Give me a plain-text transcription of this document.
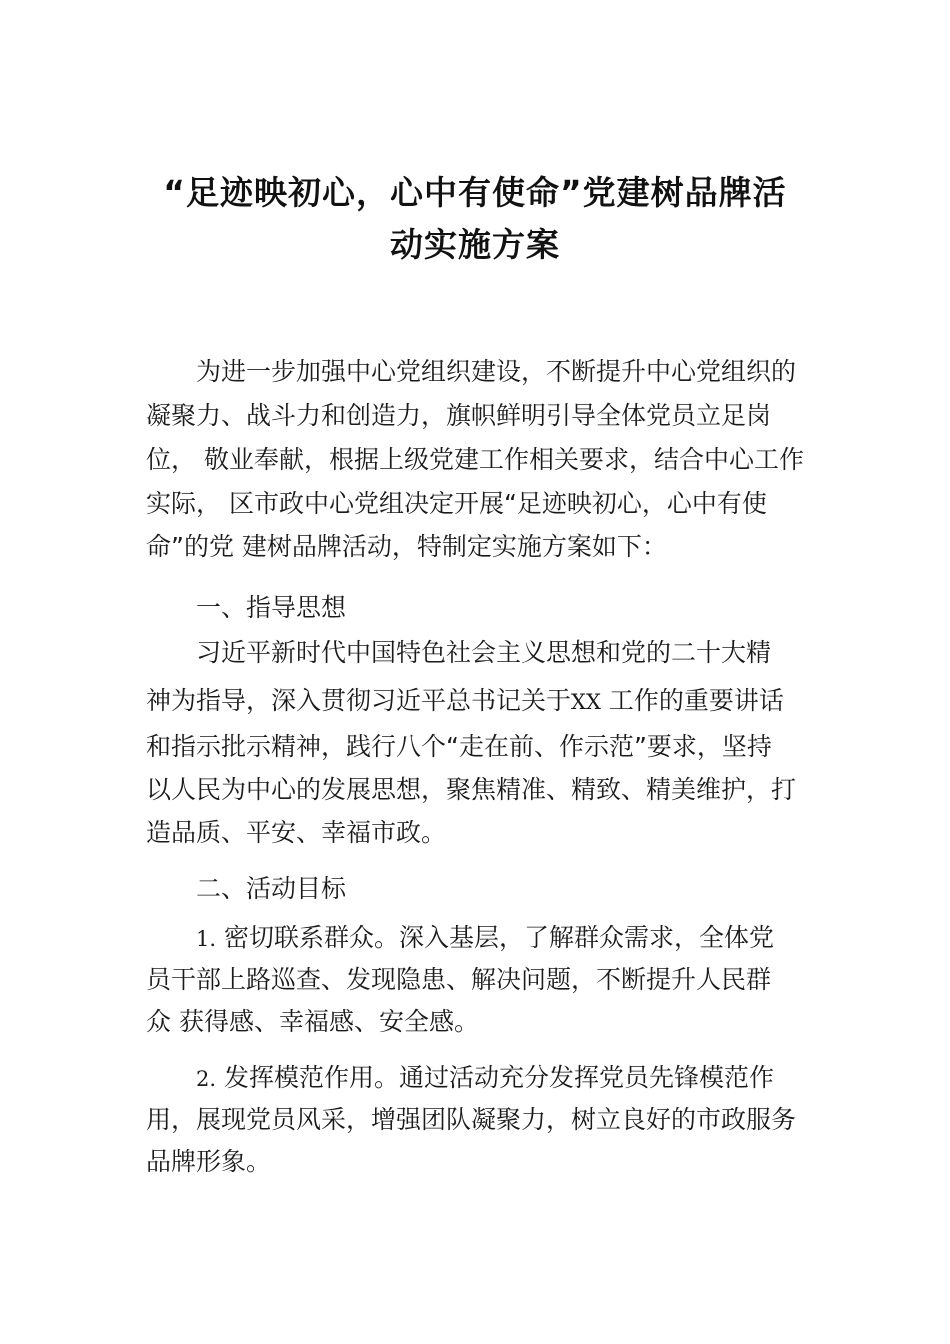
“足迹映初心，心中有使命”党建树品牌活
动实施方案
为进一步加强中心党组织建设，不断提升中心党组织的
凝聚力、战斗力和创造力，旗帜鲜明引导全体党员立足岗
位， 敬业奉献，根据上级党建工作相关要求，结合中心工作
实际， 区市政中心党组决定开展“足迹映初心，心中有使
命”的党 建树品牌活动，特制定实施方案如下：
一、指导思想
习近平新时代中国特色社会主义思想和党的二十大精
神为指导，深入贯彻习近平总书记关于XX 工作的重要讲话
和指示批示精神，践行八个“走在前、作示范”要求，坚持
以人民为中心的发展思想，聚焦精准、精致、精美维护，打
造品质、平安、幸福市政。
二、活动目标
1. 密切联系群众。深入基层，了解群众需求，全体党
员干部上路巡查、发现隐患、解决问题，不断提升人民群
众 获得感、幸福感、安全感。
2. 发挥模范作用。通过活动充分发挥党员先锋模范作
用，展现党员风采，增强团队凝聚力，树立良好的市政服务
品牌形象。
